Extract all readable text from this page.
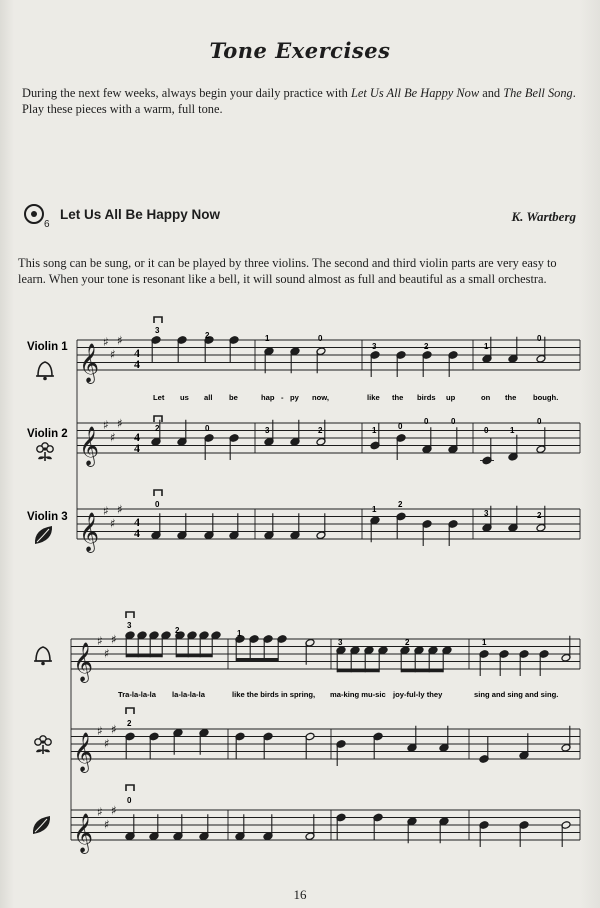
Tone Exercises
During the next few weeks, always begin your daily practice with Let Us All Be Happy Now and The Bell Song. Play these pieces with a warm, full tone.
6
Let Us All Be Happy Now	K. Wartberg
This song can be sung, or it can be played by three violins. The second and third violin parts are very easy to learn. When your tone is resonant like a bell, it will sound almost as full and beautiful as a small orchestra.
𝄞
♯
♯
♯
𝄞
♯
♯
♯
𝄞
♯
♯
♯
𝄞
♯
♯
♯
𝄞
♯
♯
♯
𝄞
♯
♯
♯
Violin 1
Violin 2
Violin 3
4
4
4
4
4
4
Let us all be	hap - py now,	like the birds up	on the bough.
Tra-la-la-la la-la-la-la	like the birds in spring, ma-king mu-sic joy-ful-ly they	sing and sing and sing.
3
2	1	0
3	2	1
0
2	0	3	2	1	0
0	0
0	1
0
0
1
2
3	2
3
2	1
3	2	1
2
0
16
